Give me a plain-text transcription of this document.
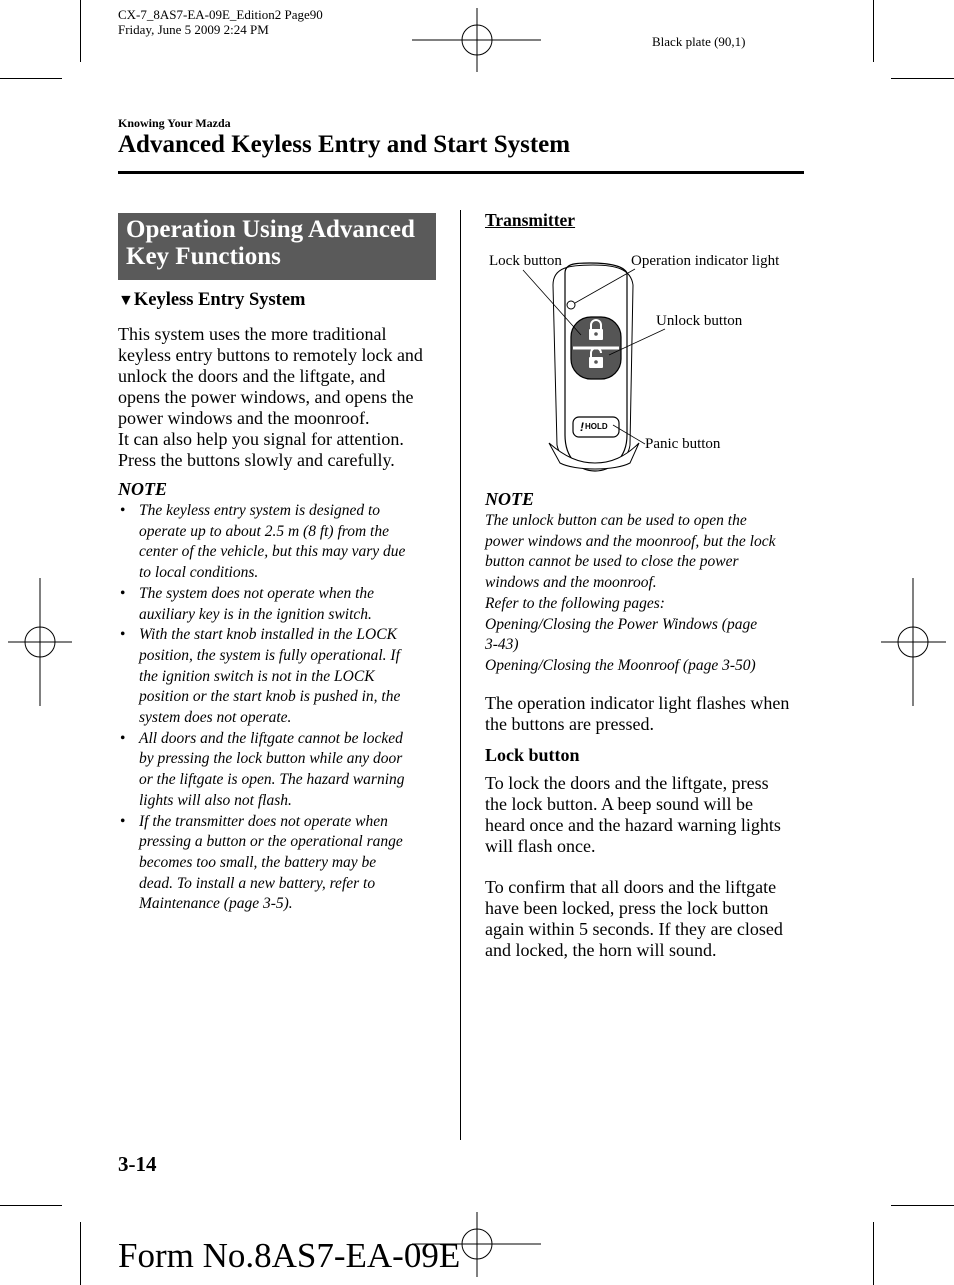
CX-7_8AS7-EA-09E_Edition2 Page90
Friday, June 5 2009 2:24 PM
Black plate (90,1)
Knowing Your Mazda
Advanced Keyless Entry and Start System
Operation Using Advanced
Key Functions
▼Keyless Entry System
This system uses the more traditional
keyless entry buttons to remotely lock and
unlock the doors and the liftgate, and
opens the power windows, and opens the
power windows and the moonroof.
It can also help you signal for attention.
Press the buttons slowly and carefully.
NOTE
• The keyless entry system is designed to
operate up to about 2.5 m (8 ft) from the
center of the vehicle, but this may vary due
to local conditions.
• The system does not operate when the
auxiliary key is in the ignition switch.
• With the start knob installed in the LOCK
position, the system is fully operational. If
the ignition switch is not in the LOCK
position or the start knob is pushed in, the
system does not operate.
• All doors and the liftgate cannot be locked
by pressing the lock button while any door
or the liftgate is open. The hazard warning
lights will also not flash.
• If the transmitter does not operate when
pressing a button or the operational range
becomes too small, the battery may be
dead. To install a new battery, refer to
Maintenance (page 3-5).
Transmitter
! HOLD
Lock button	Operation indicator light
Unlock button
Panic button
NOTE
The unlock button can be used to open the
power windows and the moonroof, but the lock
button cannot be used to close the power
windows and the moonroof.
Refer to the following pages:
Opening/Closing the Power Windows (page
3-43)
Opening/Closing the Moonroof (page 3-50)
The operation indicator light flashes when
the buttons are pressed.
Lock button
To lock the doors and the liftgate, press
the lock button. A beep sound will be
heard once and the hazard warning lights
will flash once.
To confirm that all doors and the liftgate
have been locked, press the lock button
again within 5 seconds. If they are closed
and locked, the horn will sound.
3-14
Form No.8AS7-EA-09E
